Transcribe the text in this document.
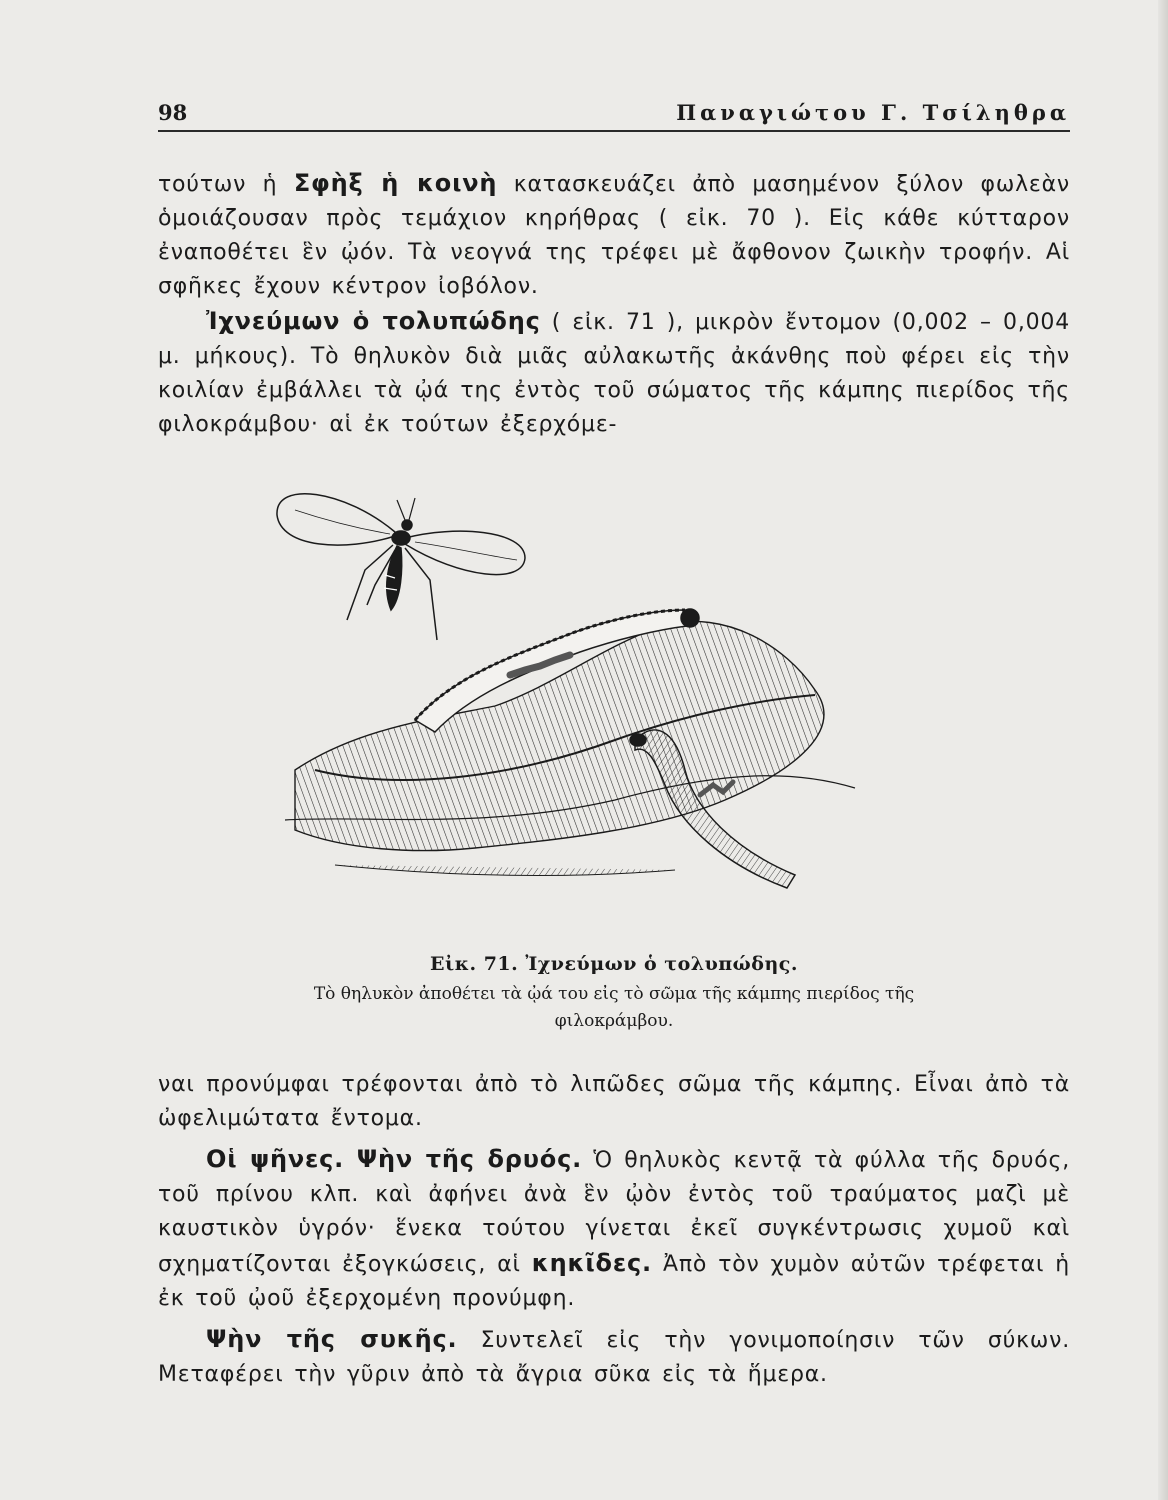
98	Παναγιώτου Γ. Τσίληθρα

τούτων ἡ Σφὴξ ἡ κοινὴ κατασκευάζει ἀπὸ μασημένον ξύλον φωλεὰν ὁμοιάζουσαν πρὸς τεμάχιον κηρήθρας ( εἰκ. 70 ). Εἰς κάθε κύτταρον ἐναποθέτει ἓν ᾠόν. Τὰ νεογνά της τρέφει μὲ ἄφθονον ζωικὴν τροφήν. Αἱ σφῆκες ἔχουν κέντρον ἰοβόλον.

Ἰχνεύμων ὁ τολυπώδης ( εἰκ. 71 ), μικρὸν ἔντομον (0,002 – 0,004 μ. μήκους). Τὸ θηλυκὸν διὰ μιᾶς αὐλακωτῆς ἀκάνθης ποὺ φέρει εἰς τὴν κοιλίαν ἐμβάλλει τὰ ᾠά της ἐντὸς τοῦ σώματος τῆς κάμπης πιερίδος τῆς φιλοκράμβου· αἱ ἐκ τούτων ἐξερχόμε-

Εἰκ. 71. Ἰχνεύμων ὁ τολυπώδης.

Τὸ θηλυκὸν ἀποθέτει τὰ ᾠά του εἰς τὸ σῶμα τῆς κάμπης πιερίδος τῆς φιλοκράμβου.

ναι προνύμφαι τρέφονται ἀπὸ τὸ λιπῶδες σῶμα τῆς κάμπης. Εἶναι ἀπὸ τὰ ὠφελιμώτατα ἔντομα.

Οἱ ψῆνες. Ψὴν τῆς δρυός. Ὁ θηλυκὸς κεντᾷ τὰ φύλλα τῆς δρυός, τοῦ πρίνου κλπ. καὶ ἀφήνει ἀνὰ ἓν ᾠὸν ἐντὸς τοῦ τραύματος μαζὶ μὲ καυστικὸν ὑγρόν· ἕνεκα τούτου γίνεται ἐκεῖ συγκέντρωσις χυμοῦ καὶ σχηματίζονται ἐξογκώσεις, αἱ κηκῖδες. Ἀπὸ τὸν χυμὸν αὐτῶν τρέφεται ἡ ἐκ τοῦ ᾠοῦ ἐξερχομένη προνύμφη.

Ψὴν τῆς συκῆς. Συντελεῖ εἰς τὴν γονιμοποίησιν τῶν σύκων. Μεταφέρει τὴν γῦριν ἀπὸ τὰ ἄγρια σῦκα εἰς τὰ ἥμερα.
